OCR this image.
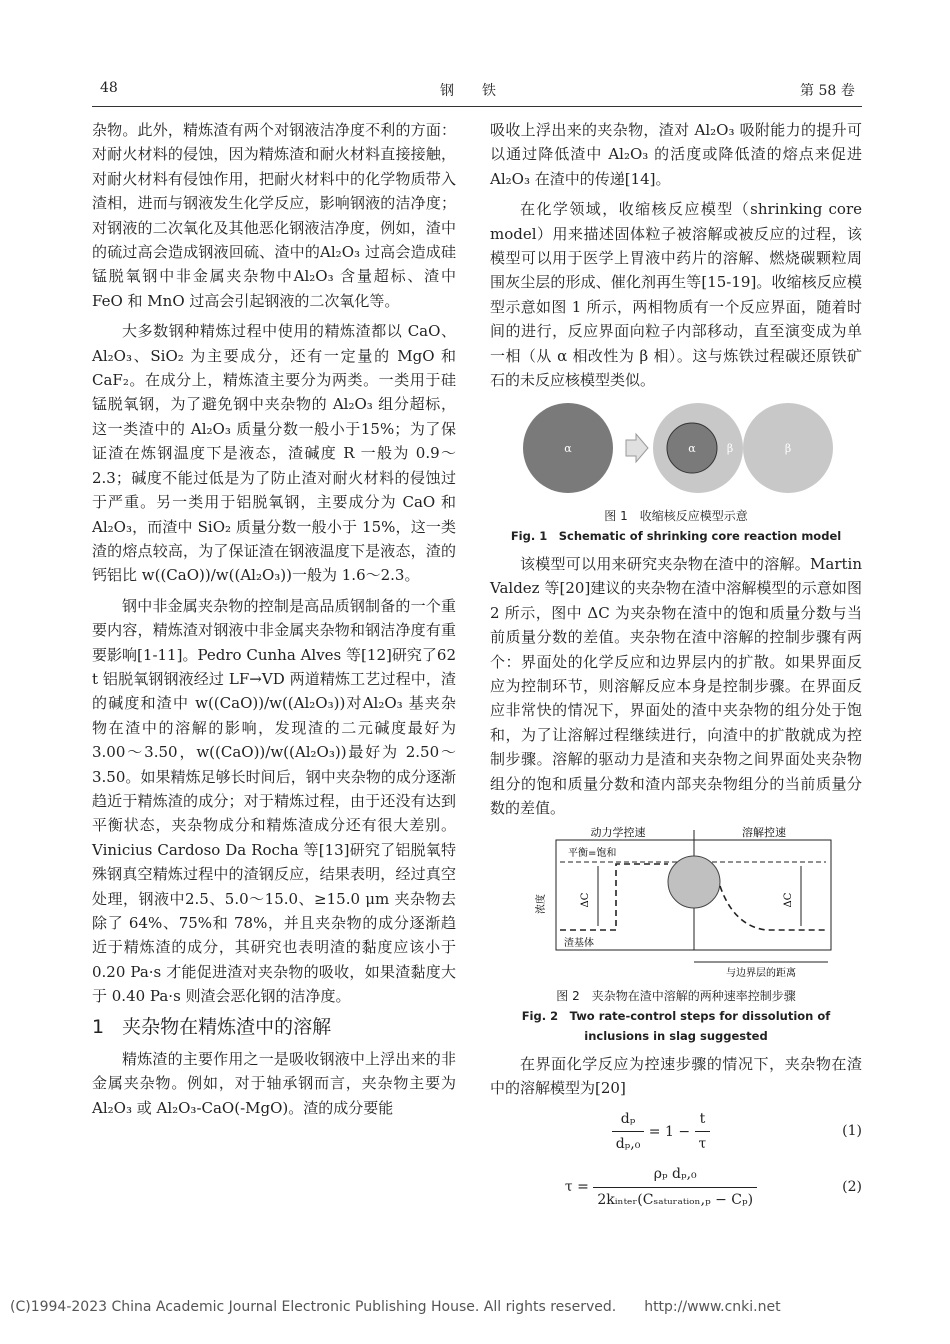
48	钢　　铁	第 58 卷

杂物。此外，精炼渣有两个对钢液洁净度不利的方面：对耐火材料的侵蚀，因为精炼渣和耐火材料直接接触，对耐火材料有侵蚀作用，把耐火材料中的化学物质带入渣相，进而与钢液发生化学反应，影响钢液的洁净度；对钢液的二次氧化及其他恶化钢液洁净度，例如，渣中的硫过高会造成钢液回硫、渣中的Al₂O₃ 过高会造成硅锰脱氧钢中非金属夹杂物中Al₂O₃ 含量超标、渣中 FeO 和 MnO 过高会引起钢液的二次氧化等。

大多数钢种精炼过程中使用的精炼渣都以 CaO、Al₂O₃、SiO₂ 为主要成分，还有一定量的 MgO 和 CaF₂。在成分上，精炼渣主要分为两类。一类用于硅锰脱氧钢，为了避免钢中夹杂物的 Al₂O₃ 组分超标，这一类渣中的 Al₂O₃ 质量分数一般小于15%；为了保证渣在炼钢温度下是液态，渣碱度 R 一般为 0.9～2.3；碱度不能过低是为了防止渣对耐火材料的侵蚀过于严重。另一类用于铝脱氧钢，主要成分为 CaO 和 Al₂O₃，而渣中 SiO₂ 质量分数一般小于 15%，这一类渣的熔点较高，为了保证渣在钢液温度下是液态，渣的钙铝比 w((CaO))/w((Al₂O₃))一般为 1.6～2.3。

钢中非金属夹杂物的控制是高品质钢制备的一个重要内容，精炼渣对钢液中非金属夹杂物和钢洁净度有重要影响[1-11]。Pedro Cunha Alves 等[12]研究了62 t 铝脱氧钢钢液经过 LF→VD 两道精炼工艺过程中，渣的碱度和渣中 w((CaO))/w((Al₂O₃))对Al₂O₃ 基夹杂物在渣中的溶解的影响，发现渣的二元碱度最好为 3.00～3.50，w((CaO))/w((Al₂O₃))最好为 2.50～3.50。如果精炼足够长时间后，钢中夹杂物的成分逐渐趋近于精炼渣的成分；对于精炼过程，由于还没有达到平衡状态，夹杂物成分和精炼渣成分还有很大差别。Vinicius Cardoso Da Rocha 等[13]研究了铝脱氧特殊钢真空精炼过程中的渣钢反应，结果表明，经过真空处理，钢液中2.5、5.0～15.0、≥15.0 μm 夹杂物去除了 64%、75%和 78%，并且夹杂物的成分逐渐趋近于精炼渣的成分，其研究也表明渣的黏度应该小于 0.20 Pa·s 才能促进渣对夹杂物的吸收，如果渣黏度大于 0.40 Pa·s 则渣会恶化钢的洁净度。

1 夹杂物在精炼渣中的溶解

精炼渣的主要作用之一是吸收钢液中上浮出来的非金属夹杂物。例如，对于轴承钢而言，夹杂物主要为 Al₂O₃ 或 Al₂O₃-CaO(-MgO)。渣的成分要能

吸收上浮出来的夹杂物，渣对 Al₂O₃ 吸附能力的提升可以通过降低渣中 Al₂O₃ 的活度或降低渣的熔点来促进 Al₂O₃ 在渣中的传递[14]。

在化学领域，收缩核反应模型（shrinking core model）用来描述固体粒子被溶解或被反应的过程，该模型可以用于医学上胃液中药片的溶解、燃烧碳颗粒周围灰尘层的形成、催化剂再生等[15-19]。收缩核反应模型示意如图 1 所示，两相物质有一个反应界面，随着时间的进行，反应界面向粒子内部移动，直至演变成为单一相（从 α 相改性为 β 相）。这与炼铁过程碳还原铁矿石的未反应核模型类似。

α	α	β	β
图 1　收缩核反应模型示意
Fig. 1　Schematic of shrinking core reaction model

该模型可以用来研究夹杂物在渣中的溶解。Martin Valdez 等[20]建议的夹杂物在渣中溶解模型的示意如图 2 所示，图中 ΔC 为夹杂物在渣中的饱和质量分数与当前质量分数的差值。夹杂物在渣中溶解的控制步骤有两个：界面处的化学反应和边界层内的扩散。如果界面反应为控制环节，则溶解反应本身是控制步骤。在界面反应非常快的情况下，界面处的渣中夹杂物的组分处于饱和，为了让溶解过程继续进行，向渣中的扩散就成为控制步骤。溶解的驱动力是渣和夹杂物之间界面处夹杂物组分的饱和质量分数和渣内部夹杂物组分的当前质量分数的差值。

动力学控速	溶解控速
平衡=饱和
浓度	ΔC	ΔC
渣基体
与边界层的距离
图 2　夹杂物在渣中溶解的两种速率控制步骤
Fig. 2　Two rate-control steps for dissolution of inclusions in slag suggested

在界面化学反应为控速步骤的情况下，夹杂物在渣中的溶解模型为[20]

$\frac{\text{dₚ}}{\text{dₚ,₀}} = 1 - \frac{t}{\tau}$	(1)
$\tau = \frac{\text{ρₚ dₚ,₀}}{\text{2kᵢₙₜₑᵣ(Cₛₐₜᵤᵣₐₜᵢₒₙ,ₚ − Cₚ)}}$	(2)
(C)1994-2023 China Academic Journal Electronic Publishing House. All rights reserved.　　http://www.cnki.net
